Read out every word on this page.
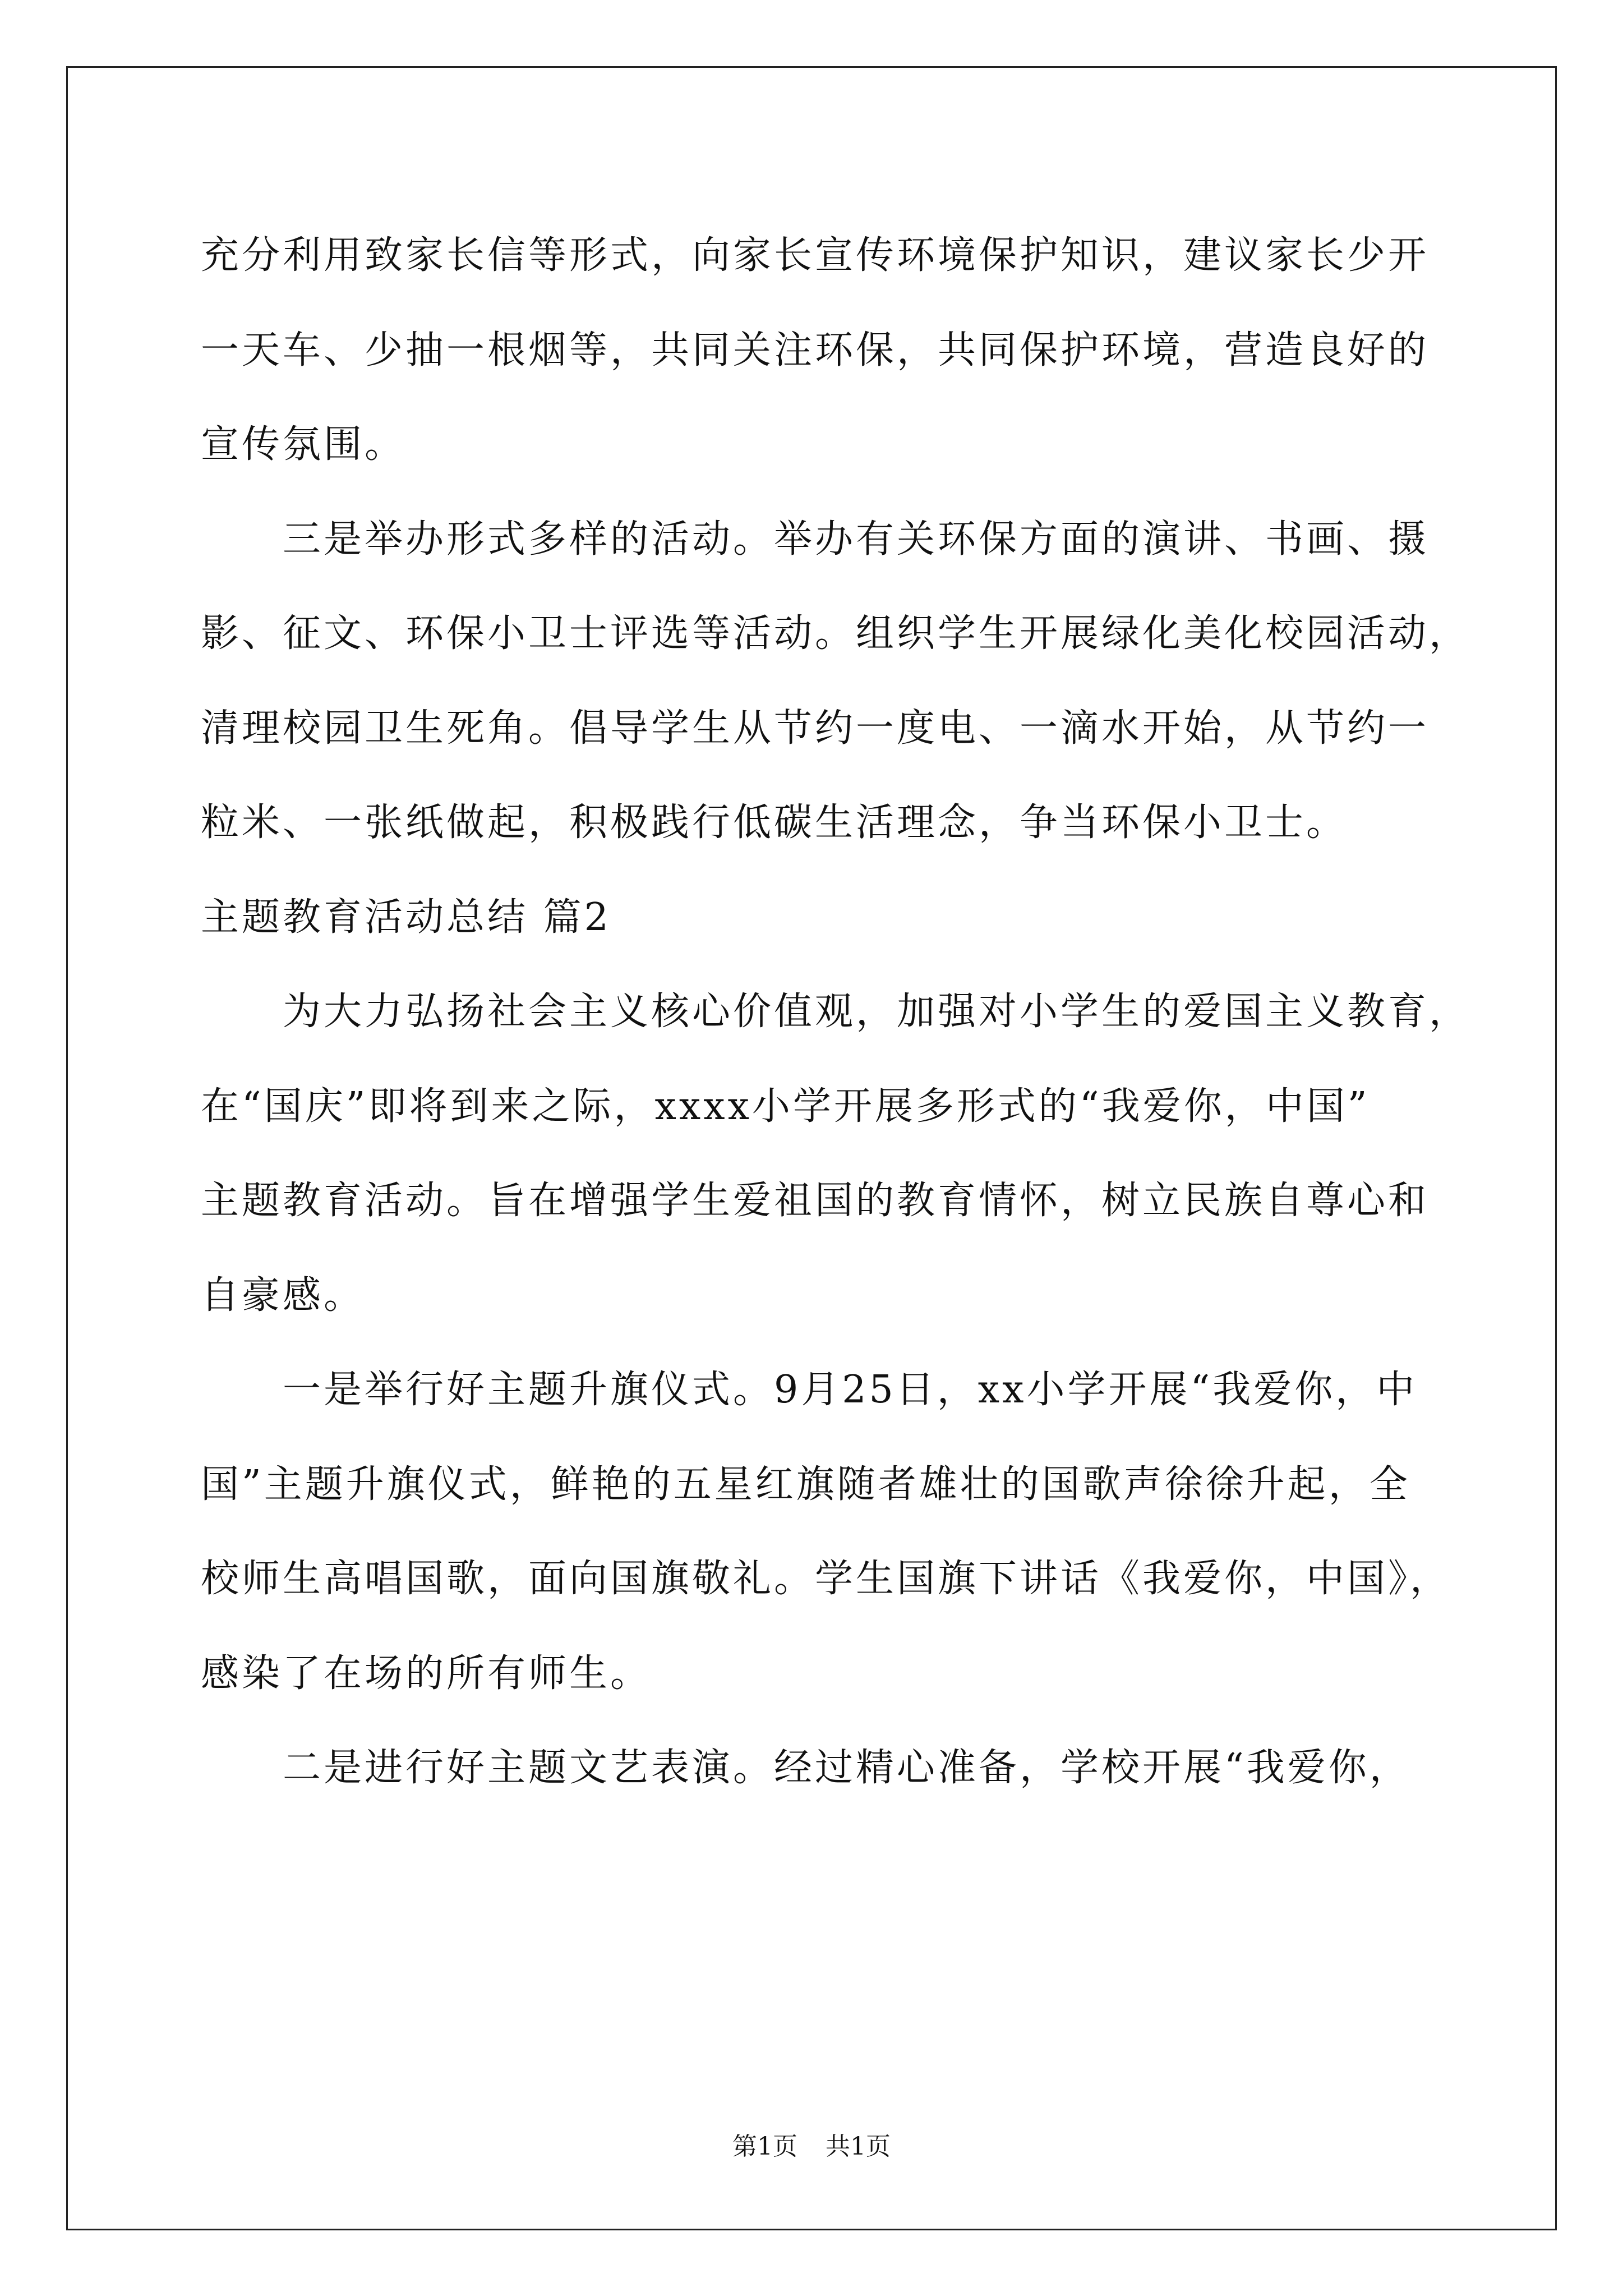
充分利用致家长信等形式，向家长宣传环境保护知识，建议家长少开
一天车、少抽一根烟等，共同关注环保，共同保护环境，营造良好的
宣传氛围。
三是举办形式多样的活动。举办有关环保方面的演讲、书画、摄
影、征文、环保小卫士评选等活动。组织学生开展绿化美化校园活动，
清理校园卫生死角。倡导学生从节约一度电、一滴水开始，从节约一
粒米、一张纸做起，积极践行低碳生活理念，争当环保小卫士。
主题教育活动总结 篇2
为大力弘扬社会主义核心价值观，加强对小学生的爱国主义教育，
在“国庆”即将到来之际，xxxx小学开展多形式的“我爱你，中国”
主题教育活动。旨在增强学生爱祖国的教育情怀，树立民族自尊心和
自豪感。
一是举行好主题升旗仪式。9月25日，xx小学开展“我爱你，中
国”主题升旗仪式，鲜艳的五星红旗随者雄壮的国歌声徐徐升起，全
校师生高唱国歌，面向国旗敬礼。学生国旗下讲话《我爱你，中国》，
感染了在场的所有师生。
二是进行好主题文艺表演。经过精心准备，学校开展“我爱你，
第1页 共1页
